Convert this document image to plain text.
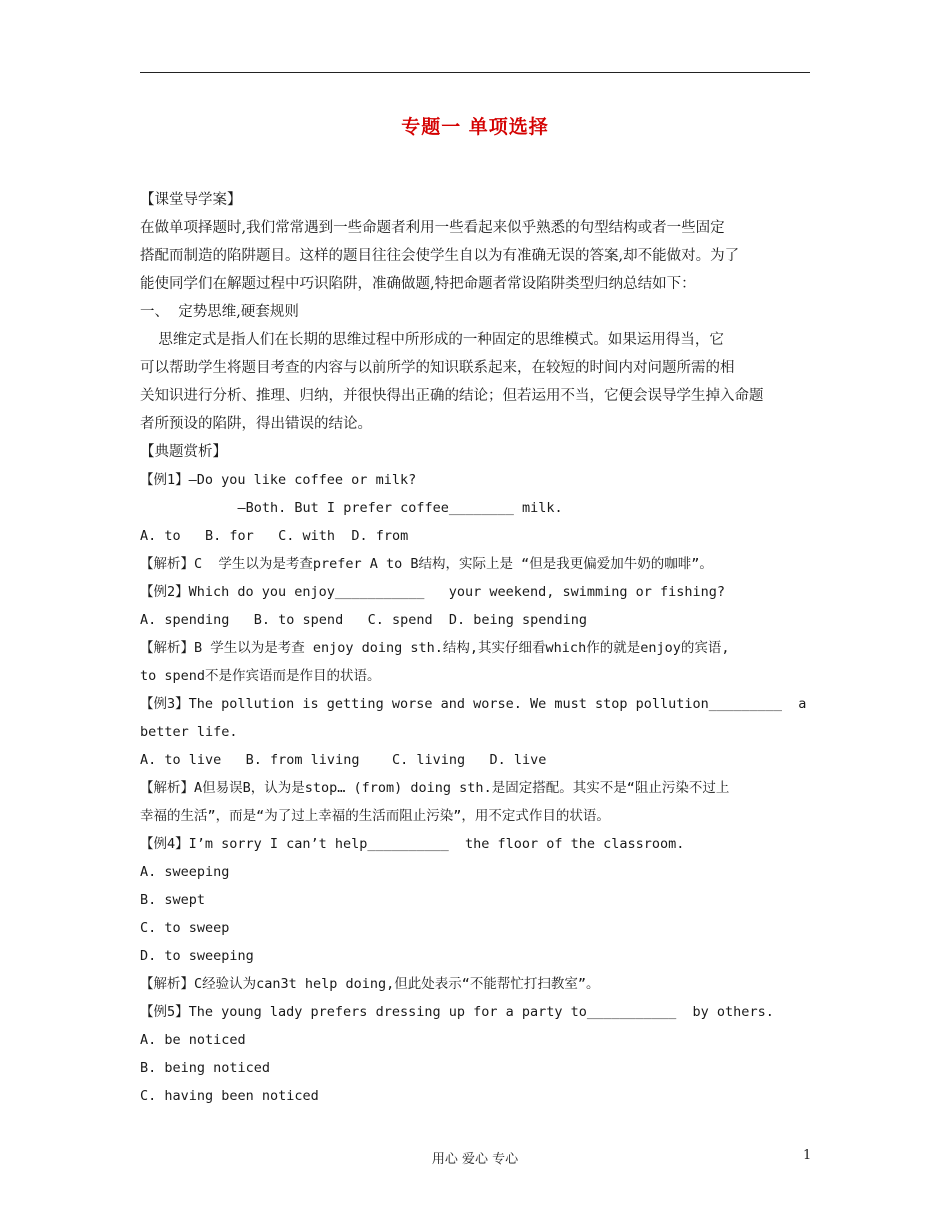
专题一 单项选择
【课堂导学案】
在做单项择题时,我们常常遇到一些命题者利用一些看起来似乎熟悉的句型结构或者一些固定
搭配而制造的陷阱题目。这样的题目往往会使学生自以为有准确无误的答案,却不能做对。为了
能使同学们在解题过程中巧识陷阱，准确做题,特把命题者常设陷阱类型归纳总结如下：
一、  定势思维,硬套规则
思维定式是指人们在长期的思维过程中所形成的一种固定的思维模式。如果运用得当，它
可以帮助学生将题目考查的内容与以前所学的知识联系起来，在较短的时间内对问题所需的相
关知识进行分析、推理、归纳，并很快得出正确的结论；但若运用不当，它便会误导学生掉入命题
者所预设的陷阱，得出错误的结论。
【典题赏析】
【例1】—Do you like coffee or milk?
—Both. But I prefer coffee________ milk.
A. to   B. for   C. with  D. from
【解析】C  学生以为是考查prefer A to B结构，实际上是 “但是我更偏爱加牛奶的咖啡”。
【例2】Which do you enjoy___________   your weekend, swimming or fishing?
A. spending   B. to spend   C. spend  D. being spending
【解析】B 学生以为是考查 enjoy doing sth.结构,其实仔细看which作的就是enjoy的宾语,
to spend不是作宾语而是作目的状语。
【例3】The pollution is getting worse and worse. We must stop pollution_________  a
better life.
A. to live   B. from living    C. living   D. live
【解析】A但易误B，认为是stop… (from) doing sth.是固定搭配。其实不是“阻止污染不过上
幸福的生活”，而是“为了过上幸福的生活而阻止污染”，用不定式作目的状语。
【例4】I’m sorry I can’t help__________  the floor of the classroom.
A. sweeping
B. swept
C. to sweep
D. to sweeping
【解析】C经验认为can3t help doing,但此处表示“不能帮忙打扫教室”。
【例5】The young lady prefers dressing up for a party to___________  by others.
A. be noticed
B. being noticed
C. having been noticed
用心 爱心 专心	1
